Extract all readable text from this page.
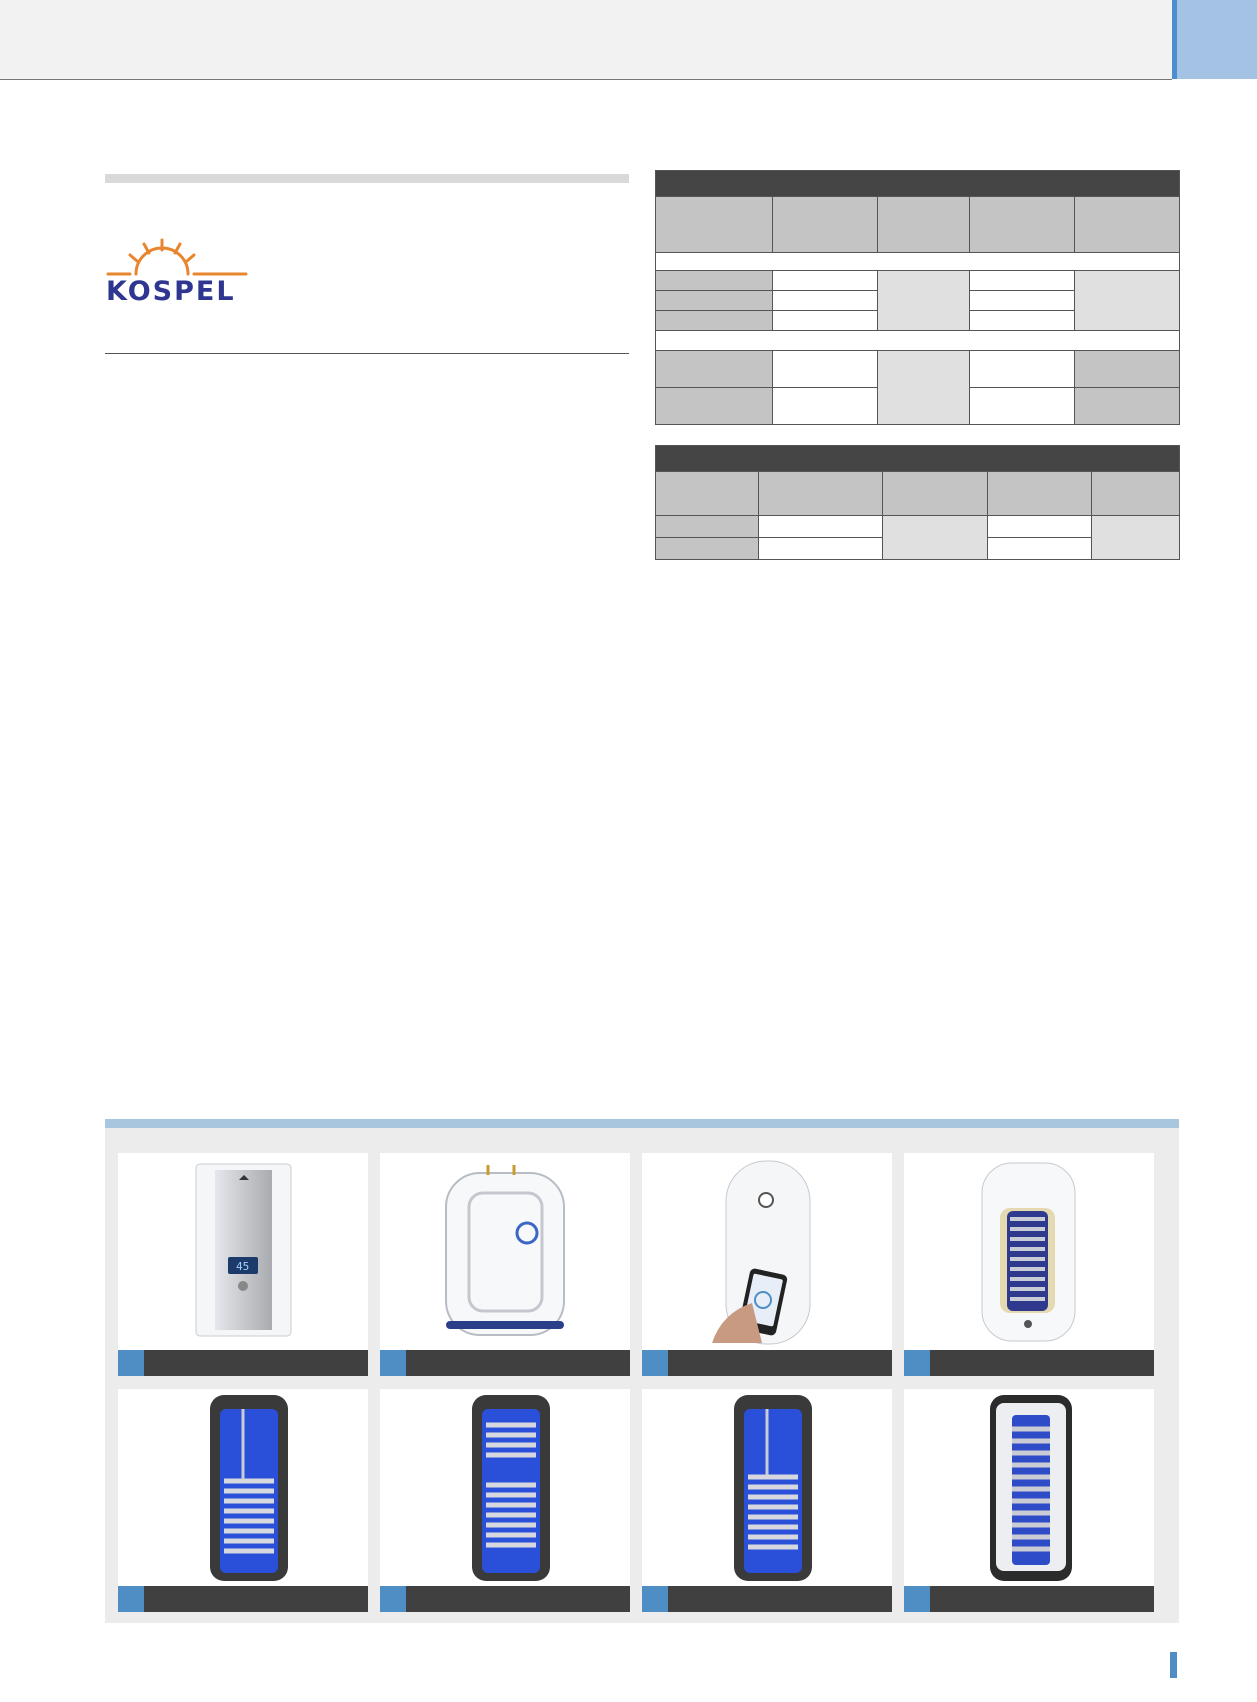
KOSPEL

45
